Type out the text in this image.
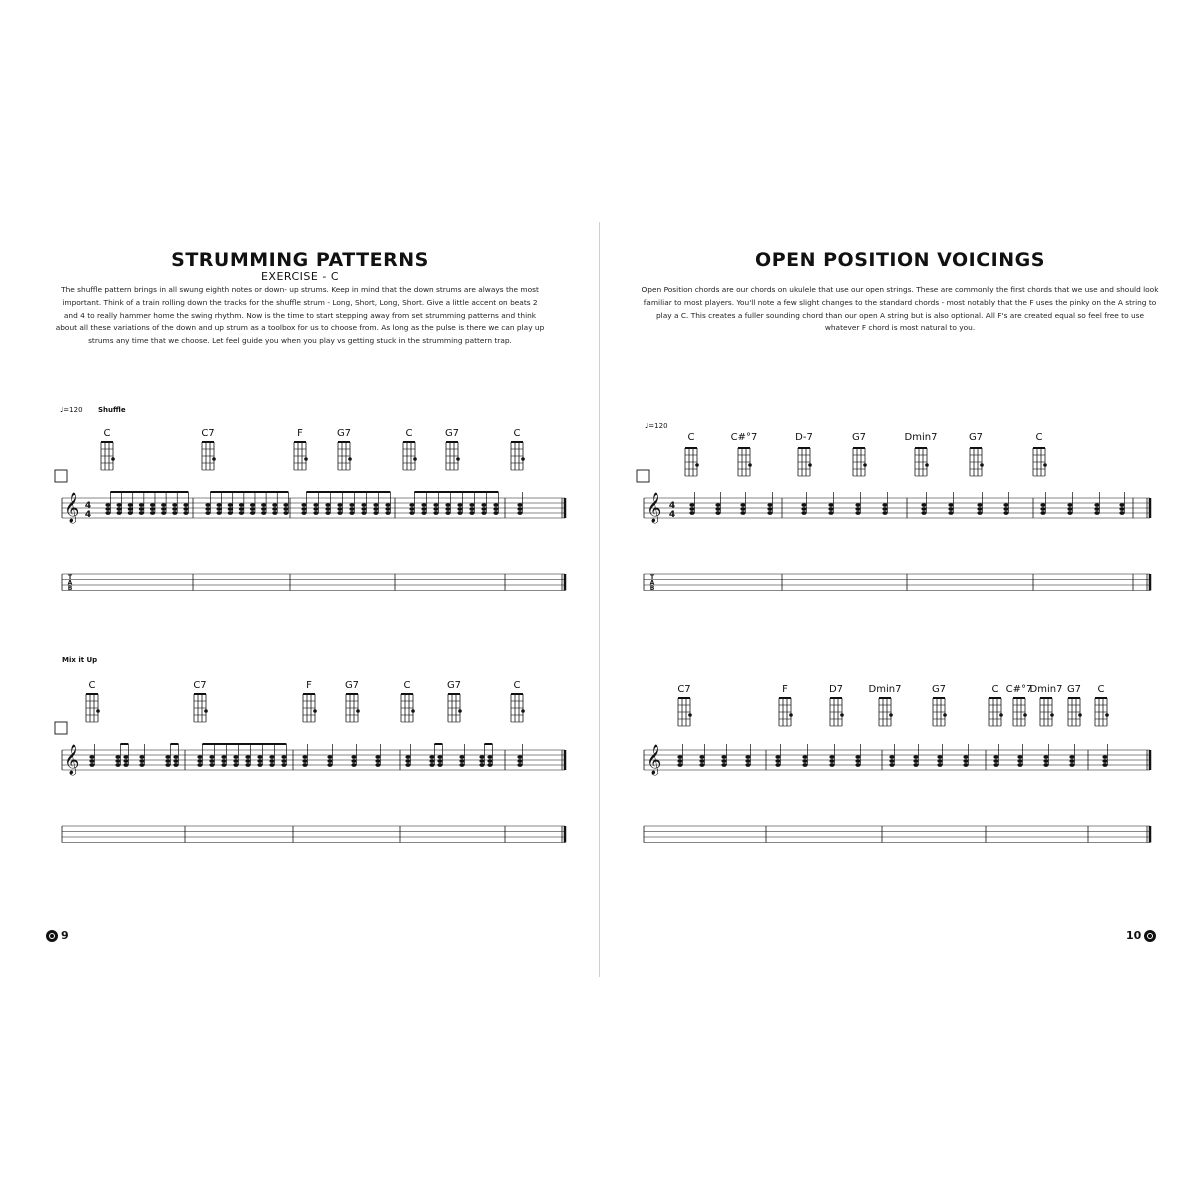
STRUMMING PATTERNS
EXERCISE - C
The shuffle pattern brings in all swung eighth notes or down- up strums. Keep in mind that the down strums are always the most important. Think of a train rolling down the tracks for the shuffle strum - Long, Short, Long, Short. Give a little accent on beats 2 and 4 to really hammer home the swing rhythm. Now is the time to start stepping away from set strumming patterns and think about all these variations of the down and up strum as a toolbox for us to choose from. As long as the pulse is there we can play up strums any time that we choose. Let feel guide you when you play vs getting stuck in the strumming pattern trap.
♩=120 Shuffle
Mix it Up
C	C7	F	G7	C	G7	C
𝄞 4
4
T
A
B
C	C7	F	G7	C	G7	C
𝄞
9
OPEN POSITION VOICINGS
Open Position chords are our chords on ukulele that use our open strings. These are commonly the first chords that we use and should look familiar to most players. You'll note a few slight changes to the standard chords - most notably that the F uses the pinky on the A string to play a C. This creates a fuller sounding chord than our open A string but is also optional. All F's are created equal so feel free to use whatever F chord is most natural to you.
♩=120
C	C#°7	D-7	G7	Dmin7	G7	C
𝄞 4
4
T
A
B
C7	F	D7	Dmin7	G7	C C#°7
Dmin7 G7 C
𝄞
10
